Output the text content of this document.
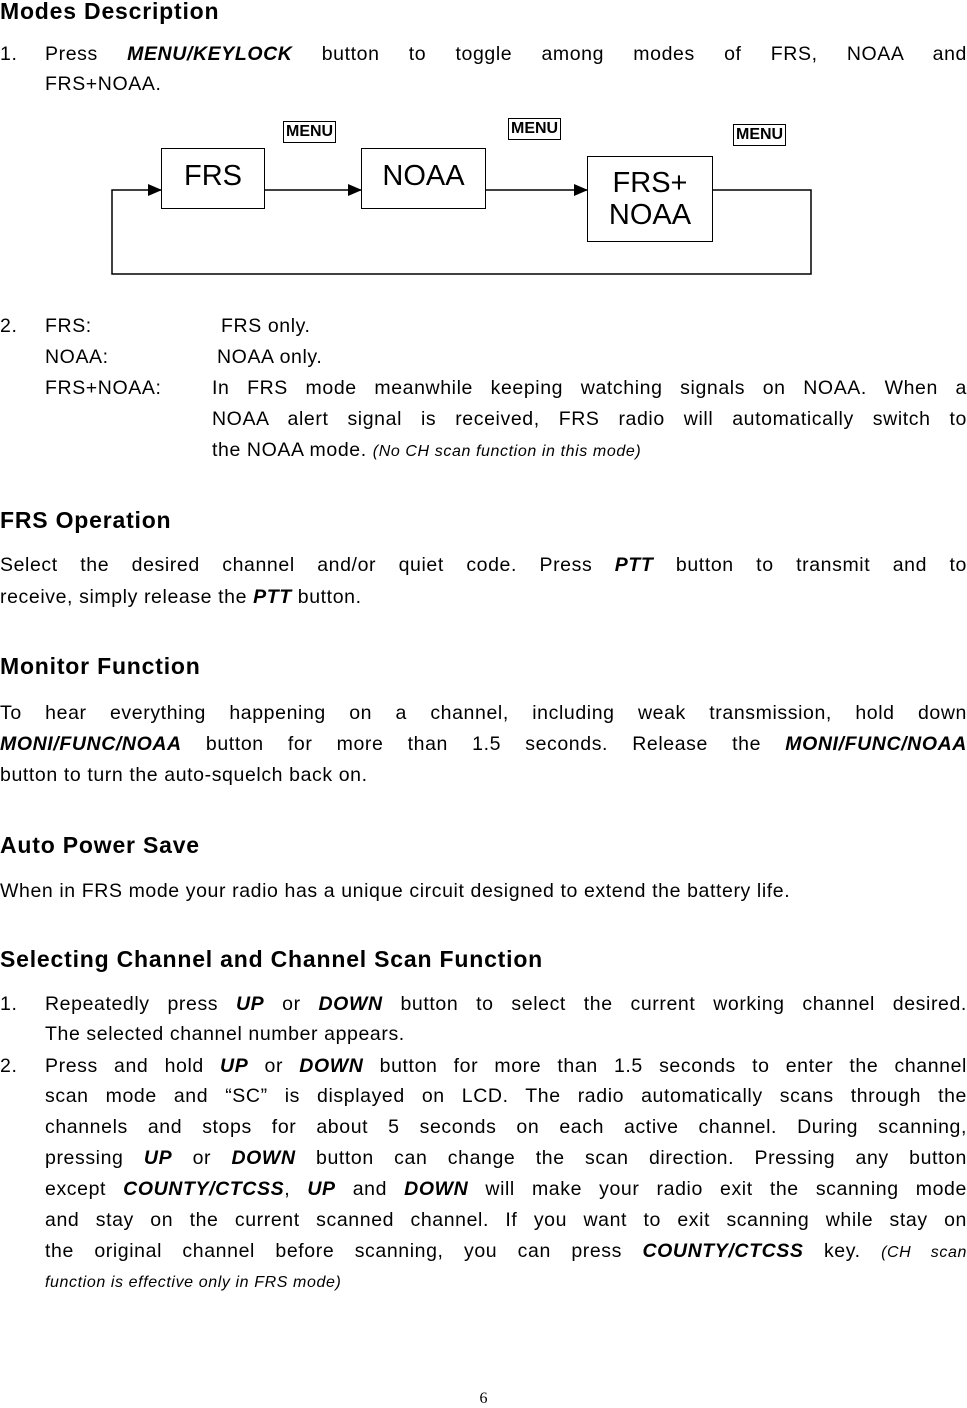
Modes Description
1. Press MENU/KEYLOCK button to toggle among modes of FRS, NOAA and
FRS+NOAA.
FRS	NOAA	FRS+
NOAA
MENU	MENU	MENU
2. FRS:	FRS only.
NOAA:	NOAA only.
FRS+NOAA:	In FRS mode meanwhile keeping watching signals on NOAA. When a
NOAA alert signal is received, FRS radio will automatically switch to
the NOAA mode. (No CH scan function in this mode)
FRS Operation
Select the desired channel and/or quiet code. Press PTT button to transmit and to
receive, simply release the PTT button.
Monitor Function
To hear everything happening on a channel, including weak transmission, hold down
MONI/FUNC/NOAA button for more than 1.5 seconds. Release the MONI/FUNC/NOAA
button to turn the auto-squelch back on.
Auto Power Save
When in FRS mode your radio has a unique circuit designed to extend the battery life.
Selecting Channel and Channel Scan Function
1. Repeatedly press UP or DOWN button to select the current working channel desired.
The selected channel number appears.
2. Press and hold UP or DOWN button for more than 1.5 seconds to enter the channel
scan mode and “SC” is displayed on LCD. The radio automatically scans through the
channels and stops for about 5 seconds on each active channel. During scanning,
pressing UP or DOWN button can change the scan direction. Pressing any button
except COUNTY/CTCSS, UP and DOWN will make your radio exit the scanning mode
and stay on the current scanned channel. If you want to exit scanning while stay on
the original channel before scanning, you can press COUNTY/CTCSS key. (CH scan
function is effective only in FRS mode)
6
